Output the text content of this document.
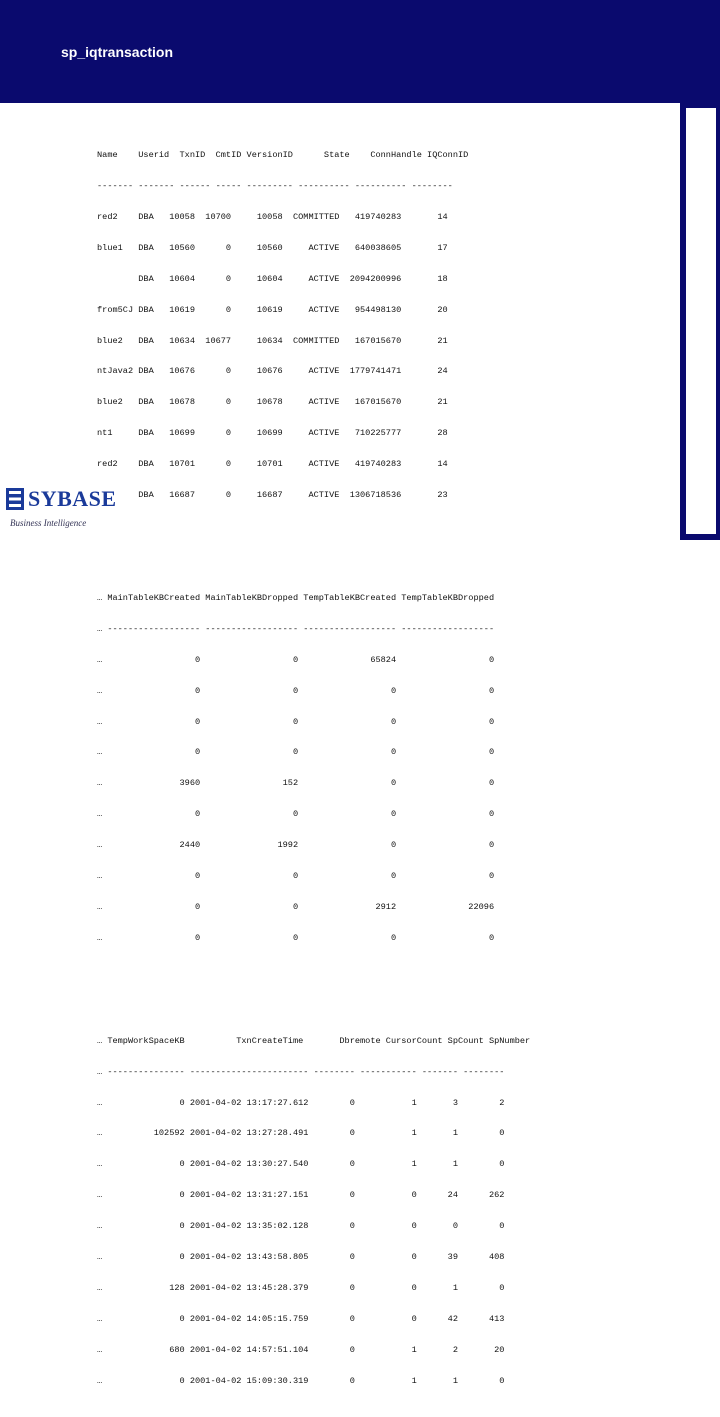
sp_iqtransaction

Name    Userid  TxnID  CmtID VersionID      State    ConnHandle IQConnID

------- ------- ------ ----- --------- ---------- ---------- --------

red2    DBA   10058  10700     10058  COMMITTED   419740283       14

blue1   DBA   10560      0     10560     ACTIVE   640038605       17

DBA   10604      0     10604     ACTIVE  2094200996       18

from5CJ DBA   10619      0     10619     ACTIVE   954498130       20

blue2   DBA   10634  10677     10634  COMMITTED   167015670       21

ntJava2 DBA   10676      0     10676     ACTIVE  1779741471       24

blue2   DBA   10678      0     10678     ACTIVE   167015670       21

nt1     DBA   10699      0     10699     ACTIVE   710225777       28

red2    DBA   10701      0     10701     ACTIVE   419740283       14

DBA   16687      0     16687     ACTIVE  1306718536       23

… MainTableKBCreated MainTableKBDropped TempTableKBCreated TempTableKBDropped

… ------------------ ------------------ ------------------ ------------------

…                  0                  0              65824                  0

…                  0                  0                  0                  0

…                  0                  0                  0                  0

…                  0                  0                  0                  0

…               3960                152                  0                  0

…                  0                  0                  0                  0

…               2440               1992                  0                  0

…                  0                  0                  0                  0

…                  0                  0               2912              22096

…                  0                  0                  0                  0

… TempWorkSpaceKB          TxnCreateTime       Dbremote CursorCount SpCount SpNumber

… --------------- ----------------------- -------- ----------- ------- --------

…               0 2001-04-02 13:17:27.612        0           1       3        2

…          102592 2001-04-02 13:27:28.491        0           1       1        0

…               0 2001-04-02 13:30:27.540        0           1       1        0

…               0 2001-04-02 13:31:27.151        0           0      24      262

…               0 2001-04-02 13:35:02.128        0           0       0        0

…               0 2001-04-02 13:43:58.805        0           0      39      408

…             128 2001-04-02 13:45:28.379        0           0       1        0

…               0 2001-04-02 14:05:15.759        0           0      42      413

…             680 2001-04-02 14:57:51.104        0           1       2       20

…               0 2001-04-02 15:09:30.319        0           1       1        0

SYBASE
Business Intelligence
